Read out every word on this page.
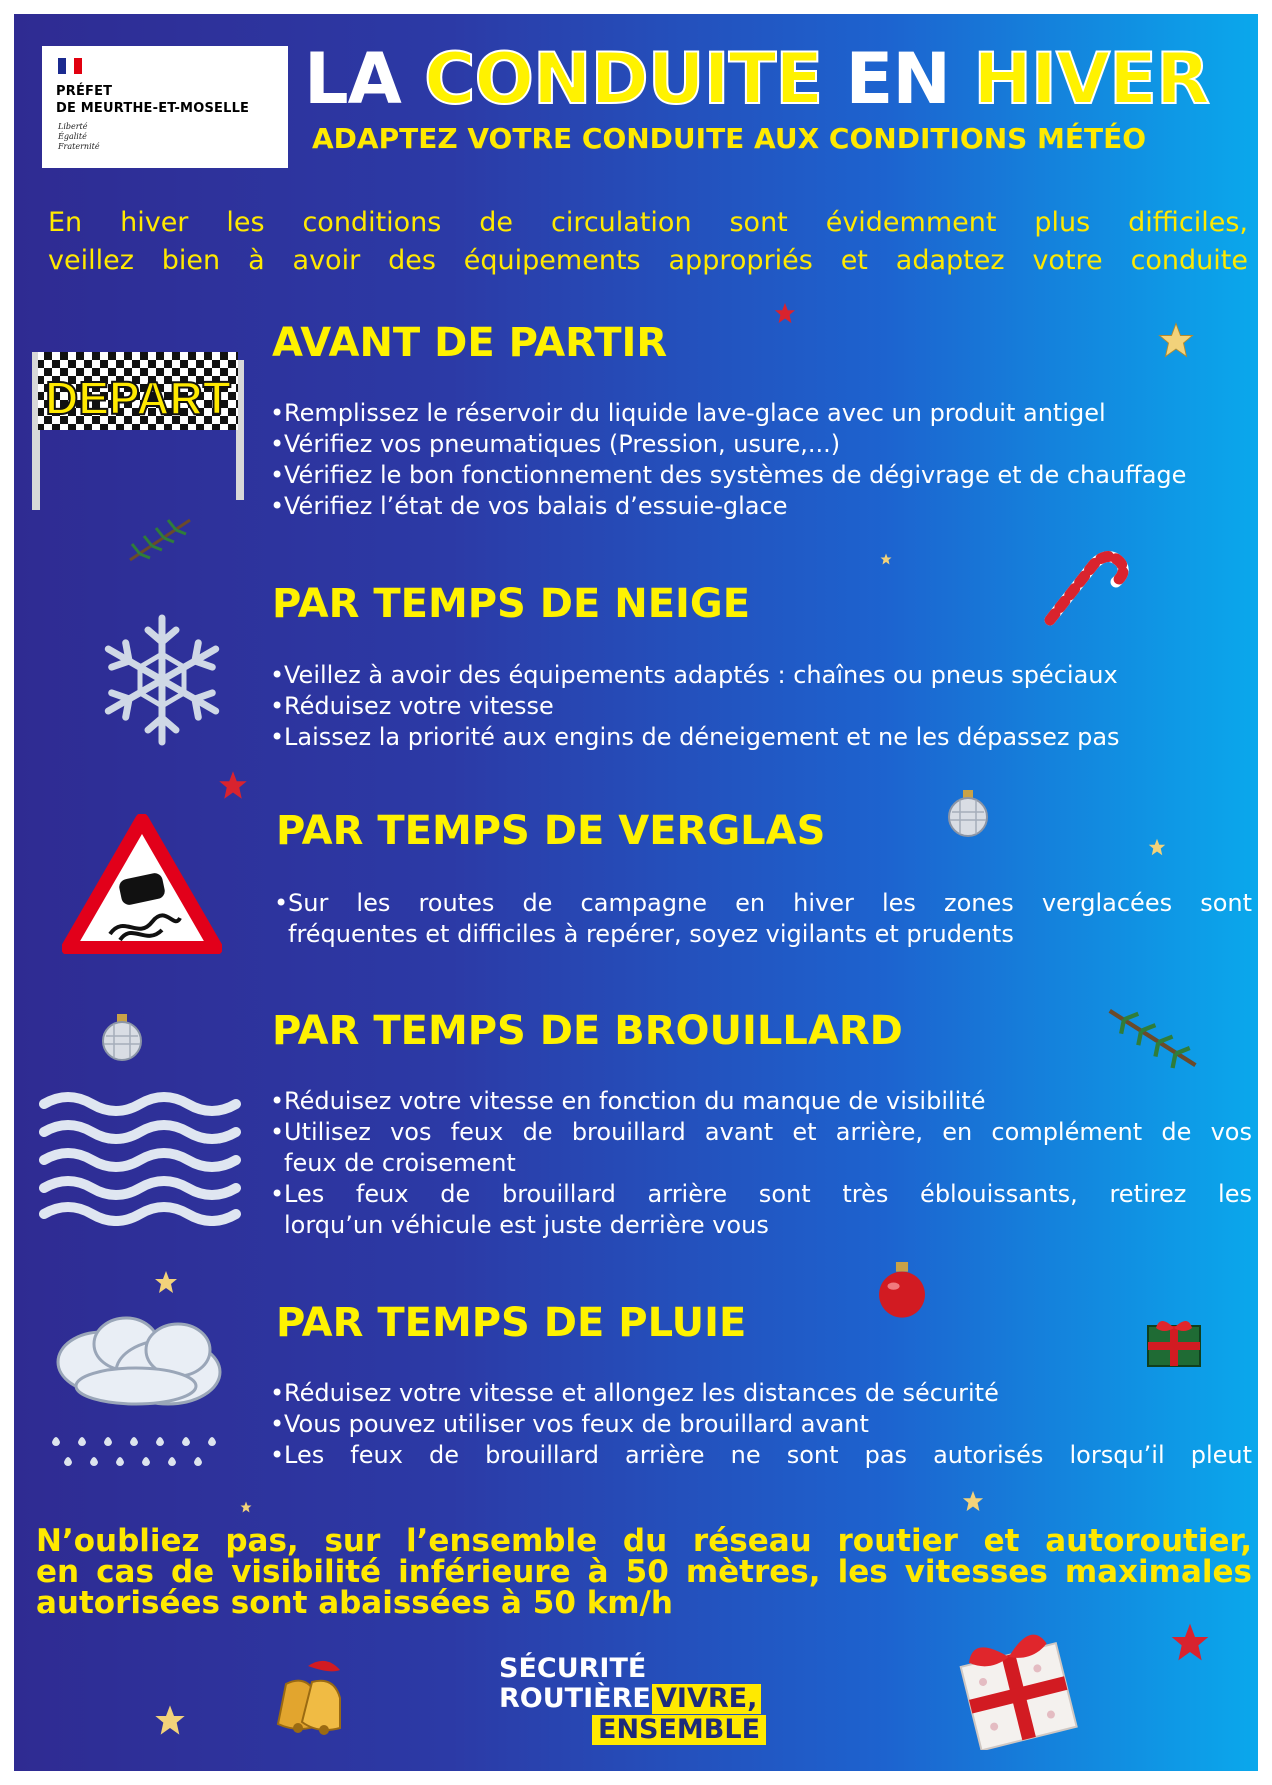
PRÉFET
DE MEURTHE-ET-MOSELLE
Liberté
Égalité
Fraternité
LA CONDUITE EN HIVER
ADAPTEZ VOTRE CONDUITE AUX CONDITIONS MÉTÉO
En hiver les conditions de circulation sont évidemment plus difficiles,
veillez bien à avoir des équipements appropriés et adaptez votre conduite
DEPART
AVANT DE PARTIR
• Remplissez le réservoir du liquide lave-glace avec un produit antigel
• Vérifiez vos pneumatiques (Pression, usure,...)
• Vérifiez le bon fonctionnement des systèmes de dégivrage et de chauffage
• Vérifiez l’état de vos balais d’essuie-glace
PAR TEMPS DE NEIGE
• Veillez à avoir des équipements adaptés : chaînes ou pneus spéciaux
• Réduisez votre vitesse
• Laissez la priorité aux engins de déneigement et ne les dépassez pas
PAR TEMPS DE VERGLAS
• Sur les routes de campagne en hiver les zones verglacées sont
fréquentes et difficiles à repérer, soyez vigilants et prudents
PAR TEMPS DE BROUILLARD
• Réduisez votre vitesse en fonction du manque de visibilité
• Utilisez vos feux de brouillard avant et arrière, en complément de vos
feux de croisement
• Les feux de brouillard arrière sont très éblouissants, retirez les
lorqu’un véhicule est juste derrière vous
PAR TEMPS DE PLUIE
• Réduisez votre vitesse et allongez les distances de sécurité
• Vous pouvez utiliser vos feux de brouillard avant
• Les feux de brouillard arrière ne sont pas autorisés lorsqu’il pleut
N’oubliez pas, sur l’ensemble du réseau routier et autoroutier,
en cas de visibilité inférieure à 50 mètres, les vitesses maximales
autorisées sont abaissées à 50 km/h
SÉCURITÉ
ROUTIÈRE VIVRE,
ENSEMBLE
